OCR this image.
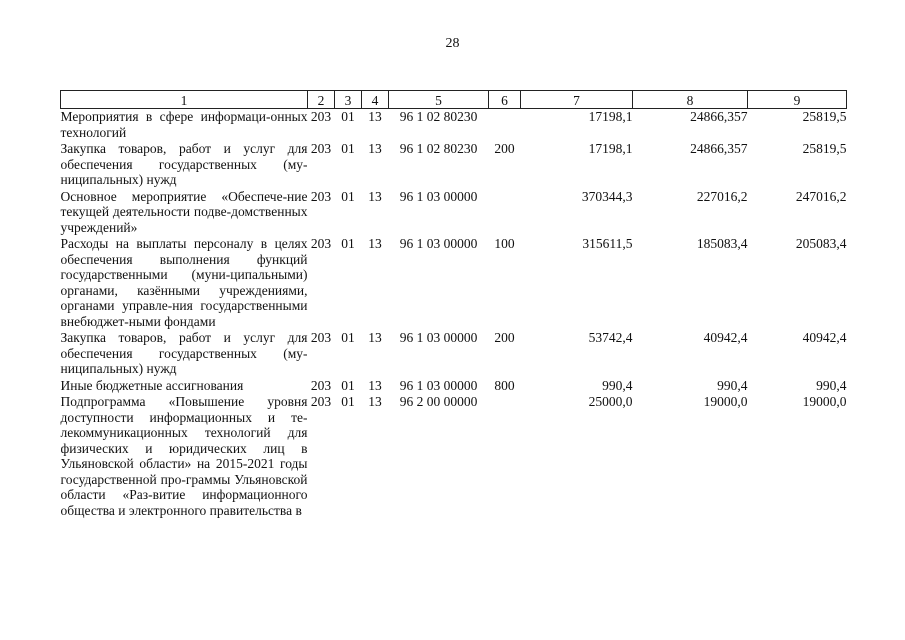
28
1	2	3	4	5	6	7	8	9
Мероприятия в сфере информаци-онных технологий	203	01	13	96 1 02 80230		17198,1	24866,357	25819,5
Закупка товаров, работ и услуг для обеспечения государственных (му-ниципальных) нужд	203	01	13	96 1 02 80230	200	17198,1	24866,357	25819,5
Основное мероприятие «Обеспече-ние текущей деятельности подве-домственных учреждений»	203	01	13	96 1 03 00000		370344,3	227016,2	247016,2
Расходы на выплаты персоналу в целях обеспечения выполнения функций государственными (муни-ципальными) органами, казёнными учреждениями, органами управле-ния государственными внебюджет-ными фондами	203	01	13	96 1 03 00000	100	315611,5	185083,4	205083,4
Закупка товаров, работ и услуг для обеспечения государственных (му-ниципальных) нужд	203	01	13	96 1 03 00000	200	53742,4	40942,4	40942,4
Иные бюджетные ассигнования	203	01	13	96 1 03 00000	800	990,4	990,4	990,4
Подпрограмма «Повышение уровня доступности информационных и те-лекоммуникационных технологий для физических и юридических лиц в Ульяновской области» на 2015-2021 годы государственной про-граммы Ульяновской области «Раз-витие информационного общества и электронного правительства в	203	01	13	96 2 00 00000		25000,0	19000,0	19000,0
